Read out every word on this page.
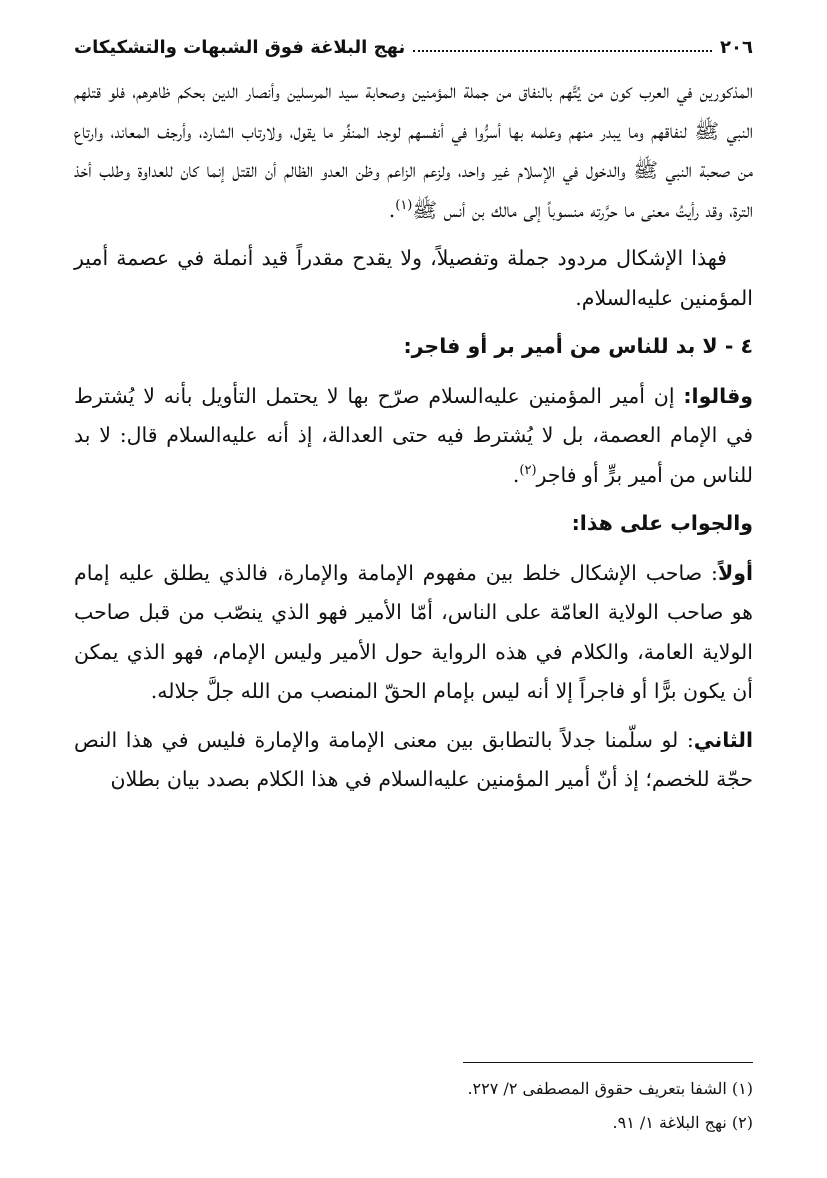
٢٠٦
نهج البلاغة فوق الشبهات والتشكيكات

المذكورين في العرب كون من يُتَّهم بالنفاق من جملة المؤمنين وصحابة سيد المرسلين وأنصار الدين بحكم ظاهرهم، فلو قتلهم النبي ﷺ لنفاقهم وما يبدر منهم وعلمه بها أسرُّوا في أنفسهم لوجد المنفِّر ما يقول، ولارتاب الشارد، وأرجف المعاند، وارتاع من صحبة النبي ﷺ والدخول في الإسلام غير واحد، ولزعم الزاعم وظن العدو الظالم أن القتل إنما كان للعداوة وطلب أخذ الترة، وقد رأيتُ معنى ما حرَّرته منسوباً إلى مالك بن أنس ﷺ$^{(١)}$.

فهذا الإشكال مردود جملة وتفصيلاً، ولا يقدح مقدراً قيد أنملة في عصمة أمير المؤمنين عليه‌السلام.

٤ - لا بد للناس من أمير بر أو فاجر:

وقالوا: إن أمير المؤمنين عليه‌السلام صرّح بها لا يحتمل التأويل بأنه لا يُشترط في الإمام العصمة، بل لا يُشترط فيه حتى العدالة، إذ أنه عليه‌السلام قال: لا بد للناس من أمير برٍّ أو فاجر$^{(٢)}$.

والجواب على هذا:

أولاً: صاحب الإشكال خلط بين مفهوم الإمامة والإمارة، فالذي يطلق عليه إمام هو صاحب الولاية العامّة على الناس، أمّا الأمير فهو الذي ينصّب من قبل صاحب الولاية العامة، والكلام في هذه الرواية حول الأمير وليس الإمام، فهو الذي يمكن أن يكون برًّا أو فاجراً إلا أنه ليس بإمام الحقّ المنصب من الله جلَّ جلاله.

الثاني: لو سلّمنا جدلاً بالتطابق بين معنى الإمامة والإمارة فليس في هذا النص حجّة للخصم؛ إذ أنّ أمير المؤمنين عليه‌السلام في هذا الكلام بصدد بيان بطلان

(١) الشفا بتعريف حقوق المصطفى ٢/ ٢٢٧.
(٢) نهج البلاغة ١/ ٩١.
